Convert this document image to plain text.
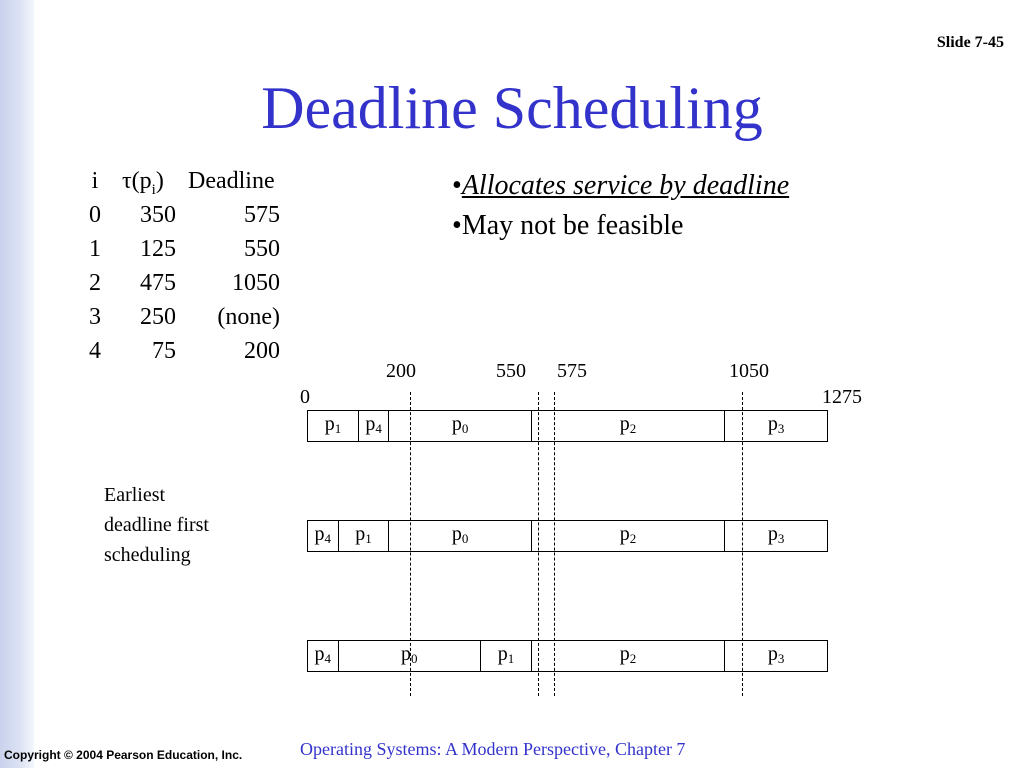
Slide 7-45
Deadline Scheduling
i $\tau(p_i)$	Deadline
0	350	575
1	125	550
2	475	1050
3	250	(none)
4	75	200
•Allocates service by deadline
•May not be feasible
200	550 575	1050
0	1275
$p_1$	$p_4$	$p_0$	$p_2$	$p_3$
$p_4$	$p_1$	$p_0$	$p_2$	$p_3$
$p_4$	$p_0$	$p_1$	$p_2$	$p_3$
Earliest
deadline first
scheduling
Copyright © 2004 Pearson Education, Inc.	Operating Systems: A Modern Perspective, Chapter 7
